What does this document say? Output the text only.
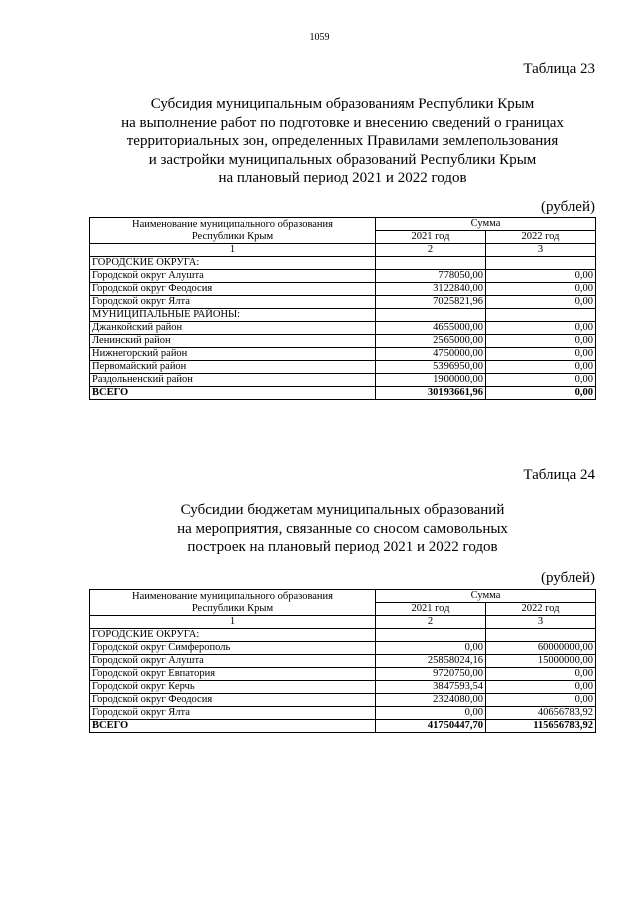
1059
Таблица 23
Субсидия муниципальным образованиям Республики Крым
на выполнение работ по подготовке и внесению сведений о границах
территориальных зон, определенных Правилами землепользования
и застройки муниципальных образований Республики Крым
на плановый период 2021 и 2022 годов
(рублей)
Наименование муниципального образования
Республики Крым	Сумма	
	2021 год	2022 год
1	2	3
ГОРОДСКИЕ ОКРУГА:		
Городской округ Алушта	778050,00	0,00
Городской округ Феодосия	3122840,00	0,00
Городской округ Ялта	7025821,96	0,00
МУНИЦИПАЛЬНЫЕ РАЙОНЫ:		
Джанкойский район	4655000,00	0,00
Ленинский район	2565000,00	0,00
Нижнегорский район	4750000,00	0,00
Первомайский район	5396950,00	0,00
Раздольненский район	1900000,00	0,00
ВСЕГО	30193661,96	0,00
Таблица 24
Субсидии бюджетам муниципальных образований
на мероприятия, связанные со сносом самовольных
построек на плановый период 2021 и 2022 годов
(рублей)
Наименование муниципального образования
Республики Крым	Сумма	
	2021 год	2022 год
1	2	3
ГОРОДСКИЕ ОКРУГА:		
Городской округ Симферополь	0,00	60000000,00
Городской округ Алушта	25858024,16	15000000,00
Городской округ Евпатория	9720750,00	0,00
Городской округ Керчь	3847593,54	0,00
Городской округ Феодосия	2324080,00	0,00
Городской округ Ялта	0,00	40656783,92
ВСЕГО	41750447,70	115656783,92
